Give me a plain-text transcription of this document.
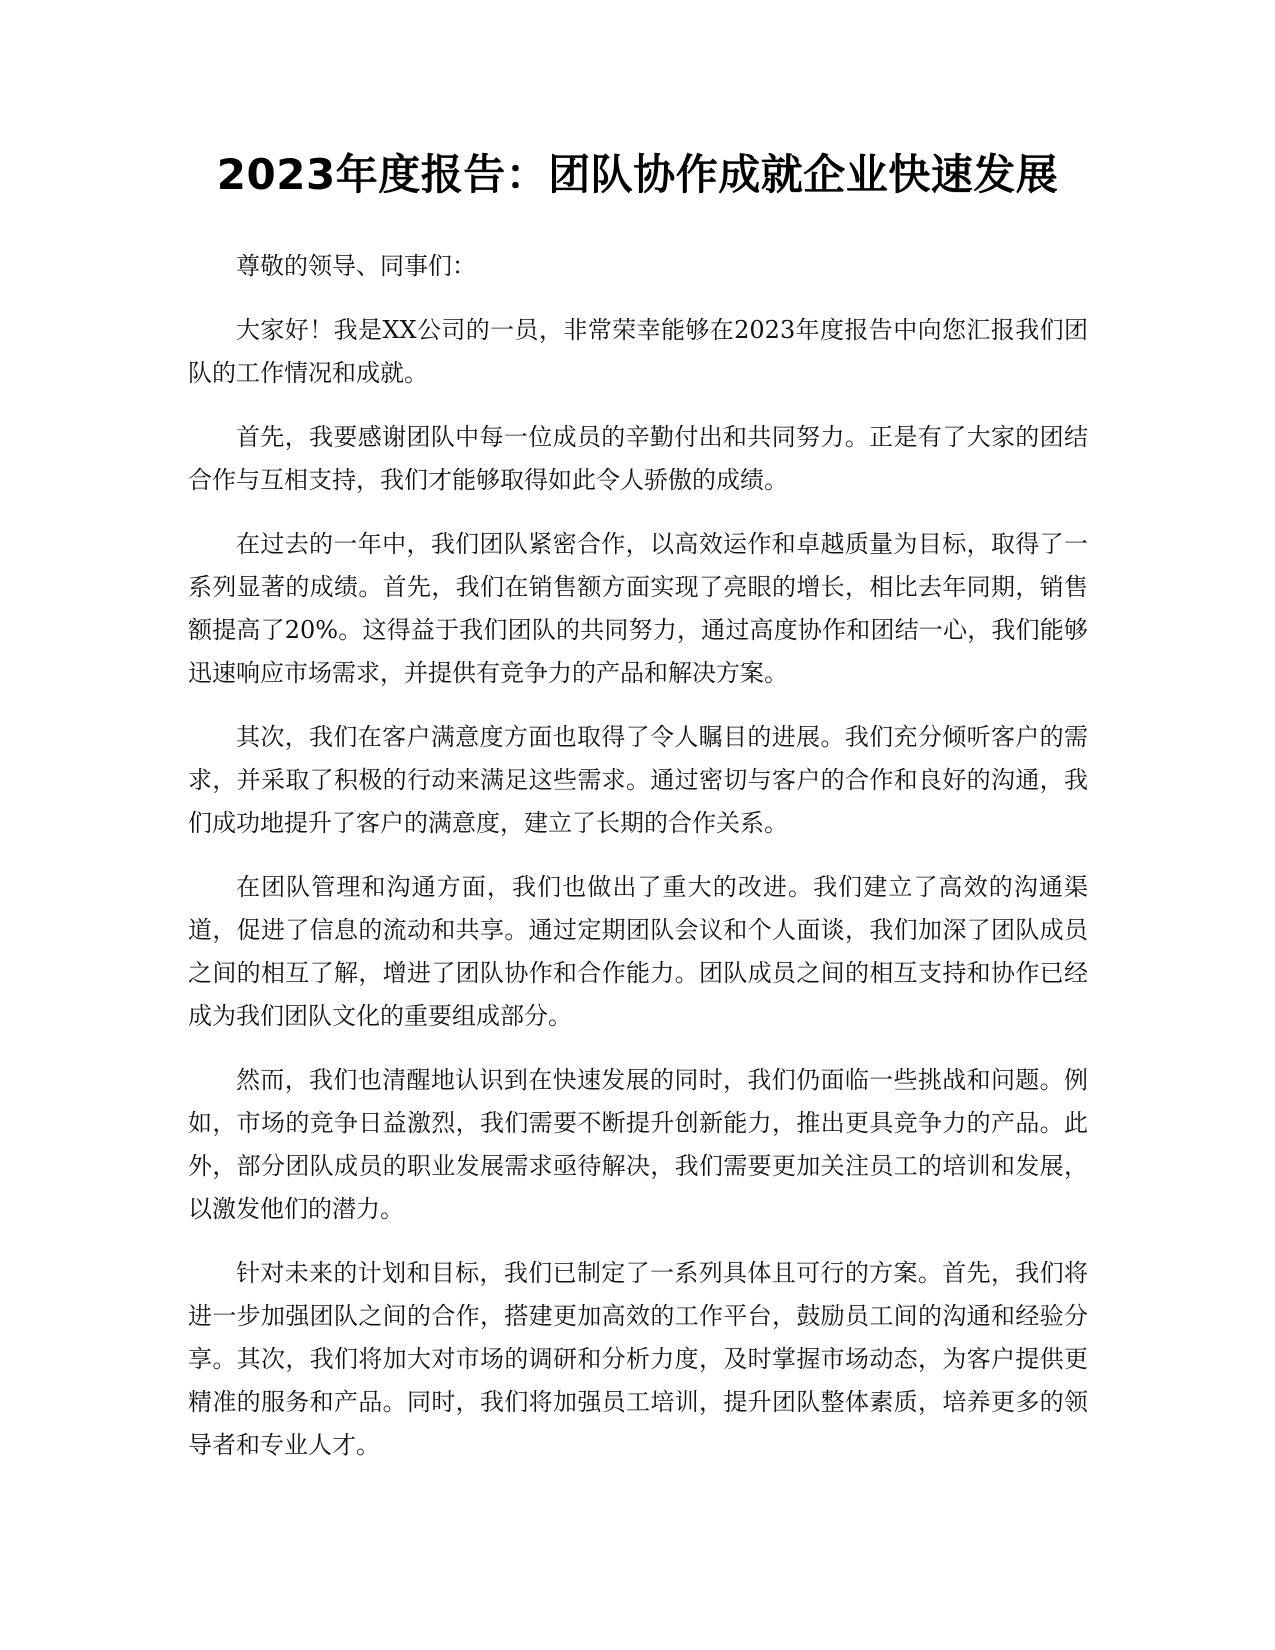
2023年度报告：团队协作成就企业快速发展

尊敬的领导、同事们：

大家好！我是XX公司的一员，非常荣幸能够在2023年度报告中向您汇报我们团队的工作情况和成就。

首先，我要感谢团队中每一位成员的辛勤付出和共同努力。正是有了大家的团结合作与互相支持，我们才能够取得如此令人骄傲的成绩。

在过去的一年中，我们团队紧密合作，以高效运作和卓越质量为目标，取得了一系列显著的成绩。首先，我们在销售额方面实现了亮眼的增长，相比去年同期，销售额提高了20%。这得益于我们团队的共同努力，通过高度协作和团结一心，我们能够迅速响应市场需求，并提供有竞争力的产品和解决方案。

其次，我们在客户满意度方面也取得了令人瞩目的进展。我们充分倾听客户的需求，并采取了积极的行动来满足这些需求。通过密切与客户的合作和良好的沟通，我们成功地提升了客户的满意度，建立了长期的合作关系。

在团队管理和沟通方面，我们也做出了重大的改进。我们建立了高效的沟通渠道，促进了信息的流动和共享。通过定期团队会议和个人面谈，我们加深了团队成员之间的相互了解，增进了团队协作和合作能力。团队成员之间的相互支持和协作已经成为我们团队文化的重要组成部分。

然而，我们也清醒地认识到在快速发展的同时，我们仍面临一些挑战和问题。例如，市场的竞争日益激烈，我们需要不断提升创新能力，推出更具竞争力的产品。此外，部分团队成员的职业发展需求亟待解决，我们需要更加关注员工的培训和发展，以激发他们的潜力。

针对未来的计划和目标，我们已制定了一系列具体且可行的方案。首先，我们将进一步加强团队之间的合作，搭建更加高效的工作平台，鼓励员工间的沟通和经验分享。其次，我们将加大对市场的调研和分析力度，及时掌握市场动态，为客户提供更精准的服务和产品。同时，我们将加强员工培训，提升团队整体素质，培养更多的领导者和专业人才。
